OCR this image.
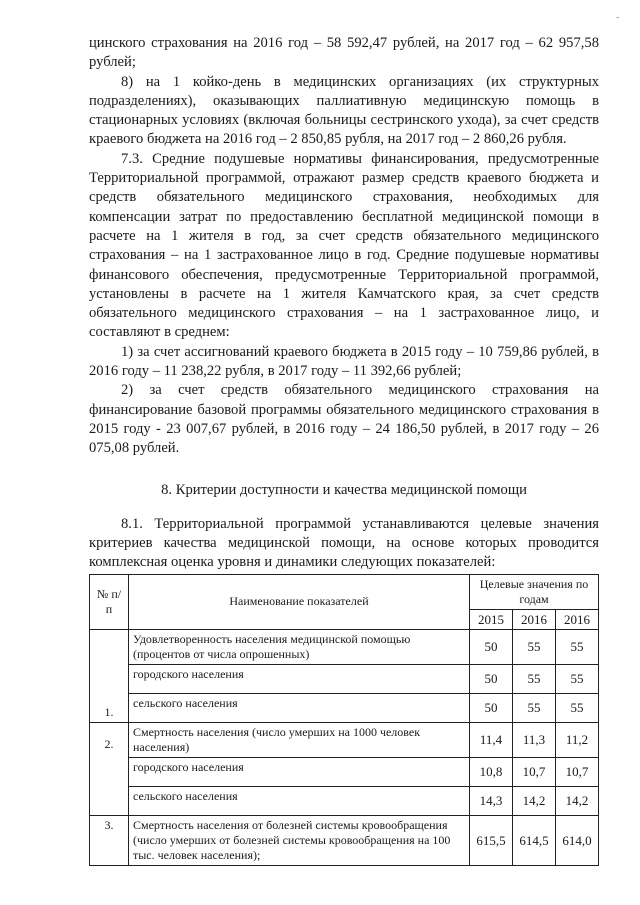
-

цинского страхования на 2016 год – 58 592,47 рублей, на 2017 год – 62 957,58 рублей;

8) на 1 койко-день в медицинских организациях (их структурных подразделениях), оказывающих паллиативную медицинскую помощь в стационарных условиях (включая больницы сестринского ухода), за счет средств краевого бюджета на 2016 год – 2 850,85 рубля, на 2017 год – 2 860,26 рубля.

7.3. Средние подушевые нормативы финансирования, предусмотренные Территориальной программой, отражают размер средств краевого бюджета и средств обязательного медицинского страхования, необходимых для компенсации затрат по предоставлению бесплатной медицинской помощи в расчете на 1 жителя в год, за счет средств обязательного медицинского страхования – на 1 застрахованное лицо в год. Средние подушевые нормативы финансового обеспечения, предусмотренные Территориальной программой, установлены в расчете на 1 жителя Камчатского края, за счет средств обязательного медицинского страхования – на 1 застрахованное лицо, и составляют в среднем:

1) за счет ассигнований краевого бюджета в 2015 году – 10 759,86 рублей, в 2016 году – 11 238,22 рубля, в 2017 году – 11 392,66 рублей;

2) за счет средств обязательного медицинского страхования на финансирование базовой программы обязательного медицинского страхования в 2015 году - 23 007,67 рублей, в 2016 году – 24 186,50 рублей, в 2017 году – 26 075,08 рублей.

8. Критерии доступности и качества медицинской помощи

8.1. Территориальной программой устанавливаются целевые значения критериев качества медицинской помощи, на основе которых проводится комплексная оценка уровня и динамики следующих показателей:

№ п/п	Наименование показателей	Целевые значения по годам		
		2015	2016	2016
1.	Удовлетворенность населения медицинской помощью (процентов от числа опрошенных)	50	55	55
	городского населения	50	55	55
	сельского населения	50	55	55
2.	Смертность населения (число умерших на 1000 человек населения)	11,4	11,3	11,2
	городского населения	10,8	10,7	10,7
	сельского населения	14,3	14,2	14,2
3.	Смертность населения от болезней системы кровообращения (число умерших от болезней системы кровообращения на 100 тыс. человек населения);	615,5	614,5	614,0
